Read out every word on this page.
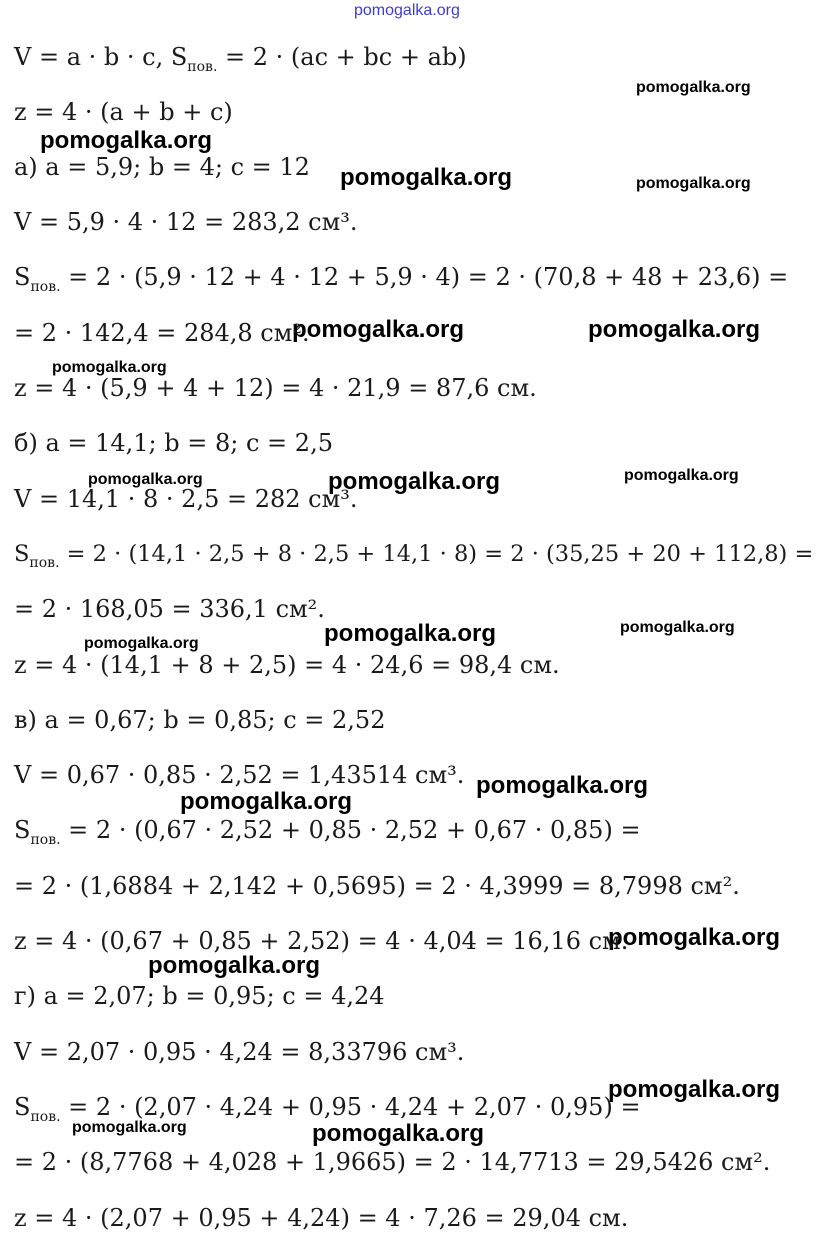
pomogalka.org
pomogalka.org
pomogalka.org
pomogalka.org	pomogalka.org
pomogalka.org	pomogalka.org
pomogalka.org
pomogalka.org	pomogalka.org	pomogalka.org
pomogalka.org	pomogalka.org
pomogalka.org
pomogalka.org
pomogalka.org
pomogalka.org
pomogalka.org
pomogalka.org
pomogalka.org	pomogalka.org
V = a · b · c, $S_{пов.} = 2 \cdot (ac$ + bc + ab)
z = 4 · (a + b + c)
а) a = 5,9; b = 4; c = 12
V = 5,9 · 4 · 12 = 283,2 см³.
$S_{пов.} = 2 \cdot (5,9 \cdot 12 + 4 \cdot 12 + 5,9 \cdot 4) = 2 \cdot (70,8 + 48 + 23,6)$ =
= 2 · 142,4 = 284,8 см².
z = 4 · (5,9 + 4 + 12) = 4 · 21,9 = 87,6 см.
б) a = 14,1; b = 8; c = 2,5
V = 14,1 · 8 · 2,5 = 282 см³.
$S_{пов.} = 2 \cdot (14,1 \cdot 2,5 + 8 \cdot 2,5 + 14,1 \cdot 8) = 2 \cdot (35,25 + 20 + 112,8)$ =
= 2 · 168,05 = 336,1 см².
z = 4 · (14,1 + 8 + 2,5) = 4 · 24,6 = 98,4 см.
в) a = 0,67; b = 0,85; c = 2,52
V = 0,67 · 0,85 · 2,52 = 1,43514 см³.
$S_{пов.} = 2 \cdot (0,67 \cdot 2,52 + 0,85 \cdot 2,52 + 0,67 \cdot 0,85)$ =
= 2 · (1,6884 + 2,142 + 0,5695) = 2 · 4,3999 = 8,7998 см².
z = 4 · (0,67 + 0,85 + 2,52) = 4 · 4,04 = 16,16 см.
г) a = 2,07; b = 0,95; c = 4,24
V = 2,07 · 0,95 · 4,24 = 8,33796 см³.
$S_{пов.} = 2 \cdot (2,07 \cdot 4,24 + 0,95 \cdot 4,24 + 2,07 \cdot 0,95)$ =
= 2 · (8,7768 + 4,028 + 1,9665) = 2 · 14,7713 = 29,5426 см².
z = 4 · (2,07 + 0,95 + 4,24) = 4 · 7,26 = 29,04 см.
